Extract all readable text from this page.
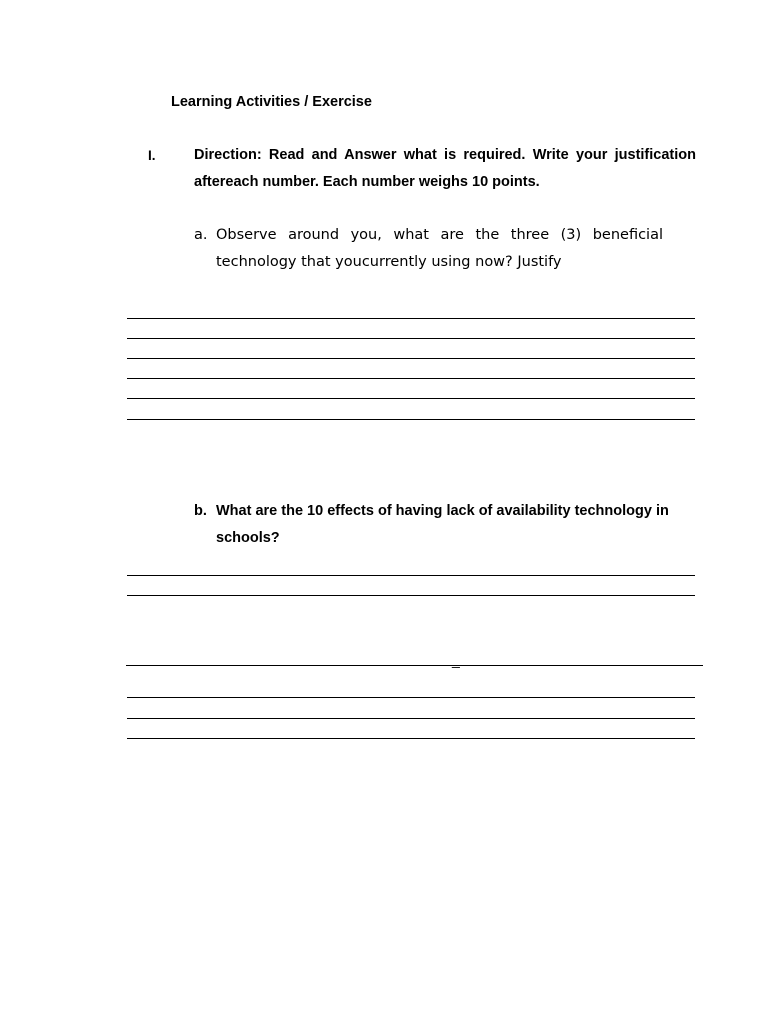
Learning Activities / Exercise
I.	Direction: Read and Answer what is required. Write your justification aftereach number. Each number weighs 10 points.
a. Observe around you, what are the three (3) beneficial technology that youcurrently using now? Justify
b. What are the 10 effects of having lack of availability technology in schools?
_
